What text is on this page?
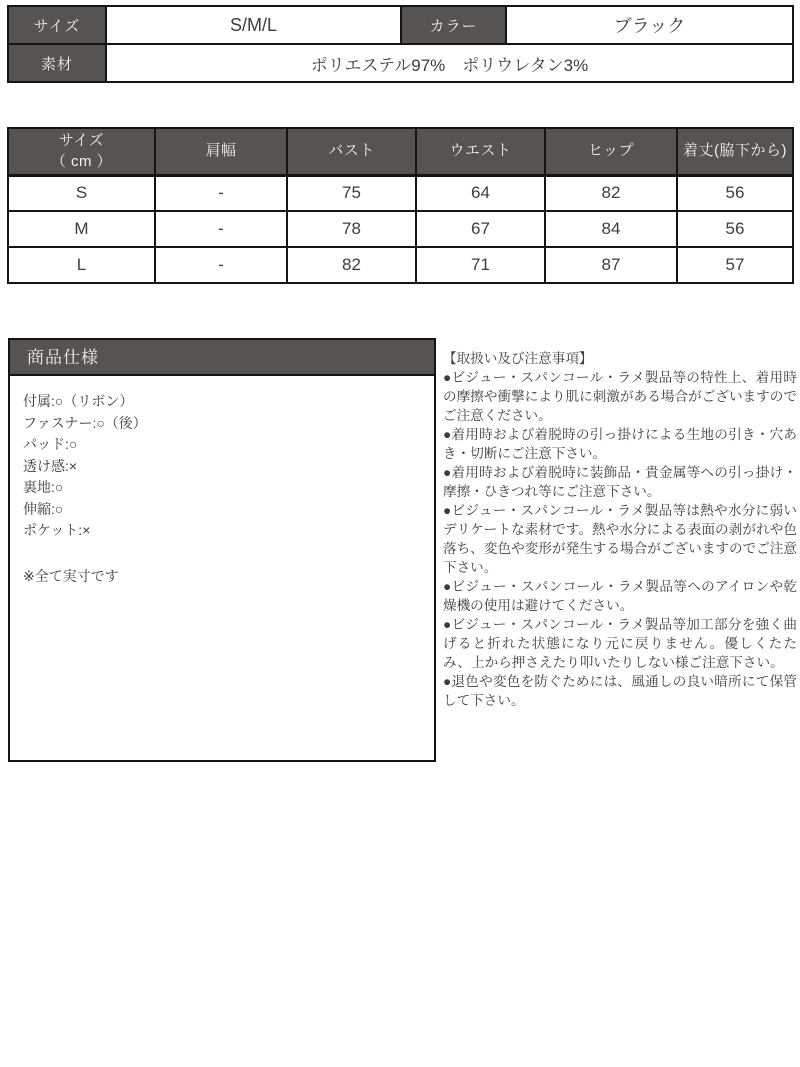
サイズ	S/M/L	カラー	ブラック
素材	ポリエステル97%　ポリウレタン3%		
サイズ
（ cm ）	肩幅	バスト	ウエスト	ヒップ	着丈(脇下から)
S	-	75	64	82	56
M	-	78	67	84	56
L	-	82	71	87	57
商品仕様
付属:○（リボン）
ファスナー:○（後）
パッド:○
透け感:×
裏地:○
伸縮:○
ポケット:×
※全て実寸です
【取扱い及び注意事項】

●ビジュー・スパンコール・ラメ製品等の特性上、着用時の摩擦や衝撃により肌に刺激がある場合がございますのでご注意ください。

●着用時および着脱時の引っ掛けによる生地の引き・穴あき・切断にご注意下さい。

●着用時および着脱時に装飾品・貴金属等への引っ掛け・摩擦・ひきつれ等にご注意下さい。

●ビジュー・スパンコール・ラメ製品等は熱や水分に弱いデリケートな素材です。熱や水分による表面の剥がれや色落ち、変色や変形が発生する場合がございますのでご注意下さい。

●ビジュー・スパンコール・ラメ製品等へのアイロンや乾燥機の使用は避けてください。

●ビジュー・スパンコール・ラメ製品等加工部分を強く曲げると折れた状態になり元に戻りません。優しくたたみ、上から押さえたり叩いたりしない様ご注意下さい。

●退色や変色を防ぐためには、風通しの良い暗所にて保管して下さい。
